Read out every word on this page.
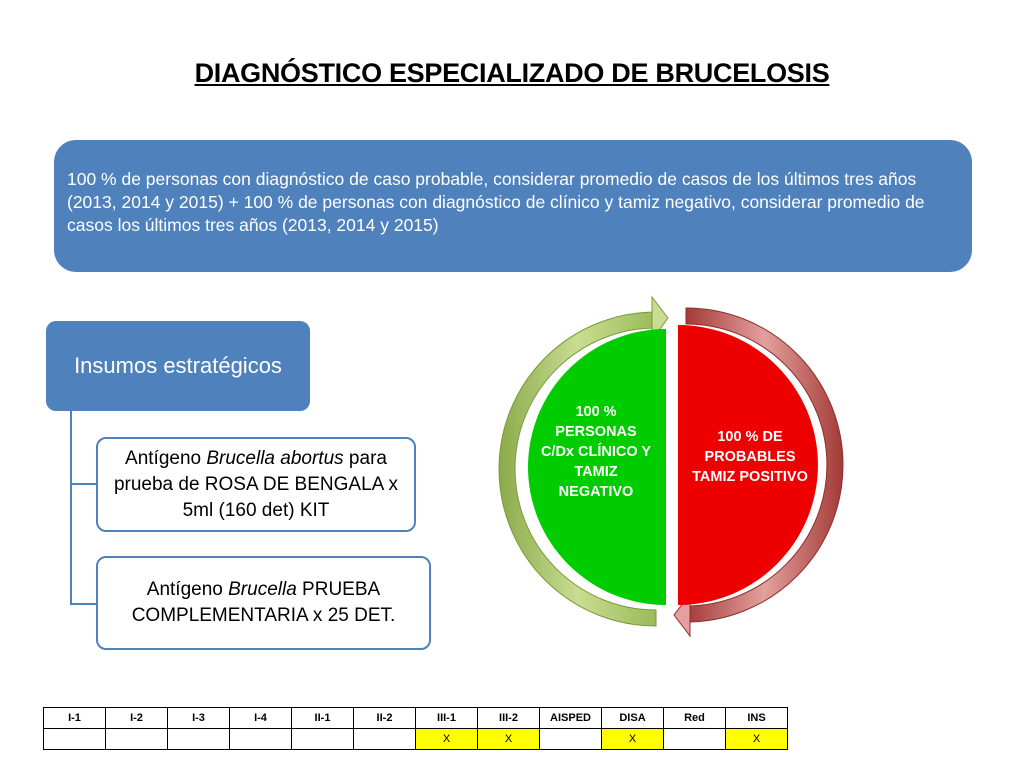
DIAGNÓSTICO ESPECIALIZADO DE BRUCELOSIS
100 % de personas con diagnóstico de caso probable, considerar promedio de casos de los últimos tres años (2013, 2014 y 2015) + 100 % de personas con diagnóstico de clínico y tamiz negativo, considerar promedio de casos los últimos tres años (2013, 2014 y 2015)
Insumos estratégicos
Antígeno Brucella abortus para prueba de ROSA DE BENGALA x 5ml (160 det) KIT
Antígeno Brucella PRUEBA COMPLEMENTARIA x 25 DET.
100 % PERSONAS C/Dx CLÍNICO Y TAMIZ NEGATIVO
100 % DE PROBABLES TAMIZ POSITIVO
I-1	I-2	I-3	I-4	II-1	II-2	III-1	III-2	AISPED	DISA	Red	INS
						X	X		X		X
